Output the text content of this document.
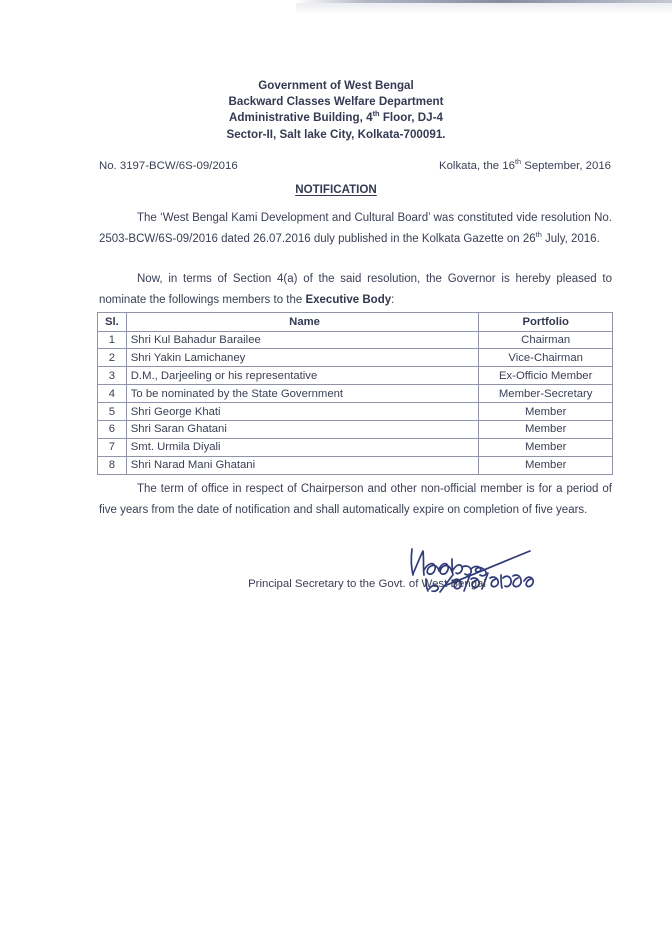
Government of West Bengal
Backward Classes Welfare Department
Administrative Building, 4th Floor, DJ-4
Sector-II, Salt lake City, Kolkata-700091.
No. 3197-BCW/6S-09/2016	Kolkata, the 16th September, 2016
NOTIFICATION
The ‘West Bengal Kami Development and Cultural Board’ was constituted vide resolution No. 2503-BCW/6S-09/2016 dated 26.07.2016 duly published in the Kolkata Gazette on 26th July, 2016.
Now, in terms of Section 4(a) of the said resolution, the Governor is hereby pleased to nominate the followings members to the Executive Body:
Sl.	Name	Portfolio
1	Shri Kul Bahadur Barailee	Chairman
2	Shri Yakin Lamichaney	Vice-Chairman
3	D.M., Darjeeling or his representative	Ex-Officio Member
4	To be nominated by the State Government	Member-Secretary
5	Shri George Khati	Member
6	Shri Saran Ghatani	Member
7	Smt. Urmila Diyali	Member
8	Shri Narad Mani Ghatani	Member
The term of office in respect of Chairperson and other non-official member is for a period of five years from the date of notification and shall automatically expire on completion of five years.
Principal Secretary to the Govt. of West Bengal
